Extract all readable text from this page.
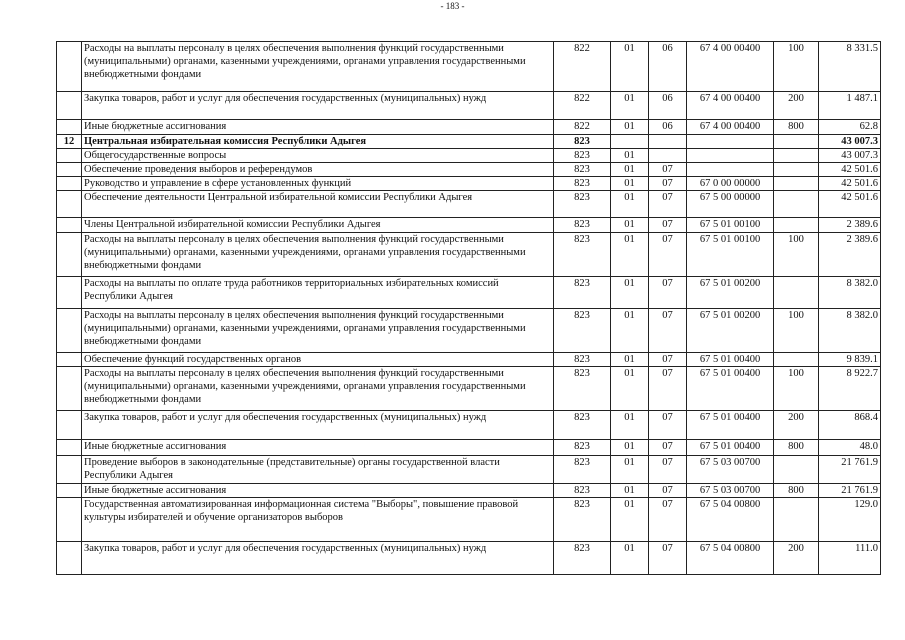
- 183 -
	Расходы на выплаты персоналу в целях обеспечения выполнения функций государственными (муниципальными) органами, казенными учреждениями, органами управления государственными внебюджетными фондами	822	01	06	67 4 00 00400	100	8 331.5
	Закупка товаров, работ и услуг для обеспечения государственных (муниципальных) нужд	822	01	06	67 4 00 00400	200	1 487.1
	Иные бюджетные ассигнования	822	01	06	67 4 00 00400	800	62.8
12	Центральная избирательная комиссия Республики Адыгея	823					43 007.3
	Общегосударственные вопросы	823	01				43 007.3
	Обеспечение проведения выборов и референдумов	823	01	07			42 501.6
	Руководство и управление в сфере установленных функций	823	01	07	67 0 00 00000		42 501.6
	Обеспечение деятельности Центральной избирательной комиссии Республики Адыгея	823	01	07	67 5 00 00000		42 501.6
	Члены Центральной избирательной комиссии Республики Адыгея	823	01	07	67 5 01 00100		2 389.6
	Расходы на выплаты персоналу в целях обеспечения выполнения функций государственными (муниципальными) органами, казенными учреждениями, органами управления государственными внебюджетными фондами	823	01	07	67 5 01 00100	100	2 389.6
	Расходы на выплаты по оплате труда работников территориальных избирательных комиссий Республики Адыгея	823	01	07	67 5 01 00200		8 382.0
	Расходы на выплаты персоналу в целях обеспечения выполнения функций государственными (муниципальными) органами, казенными учреждениями, органами управления государственными внебюджетными фондами	823	01	07	67 5 01 00200	100	8 382.0
	Обеспечение функций государственных органов	823	01	07	67 5 01 00400		9 839.1
	Расходы на выплаты персоналу в целях обеспечения выполнения функций государственными (муниципальными) органами, казенными учреждениями, органами управления государственными внебюджетными фондами	823	01	07	67 5 01 00400	100	8 922.7
	Закупка товаров, работ и услуг для обеспечения государственных (муниципальных) нужд	823	01	07	67 5 01 00400	200	868.4
	Иные бюджетные ассигнования	823	01	07	67 5 01 00400	800	48.0
	Проведение выборов в законодательные (представительные) органы государственной власти Республики Адыгея	823	01	07	67 5 03 00700		21 761.9
	Иные бюджетные ассигнования	823	01	07	67 5 03 00700	800	21 761.9
	Государственная автоматизированная информационная система "Выборы", повышение правовой культуры избирателей и обучение организаторов выборов	823	01	07	67 5 04 00800		129.0
	Закупка товаров, работ и услуг для обеспечения государственных (муниципальных) нужд	823	01	07	67 5 04 00800	200	111.0
